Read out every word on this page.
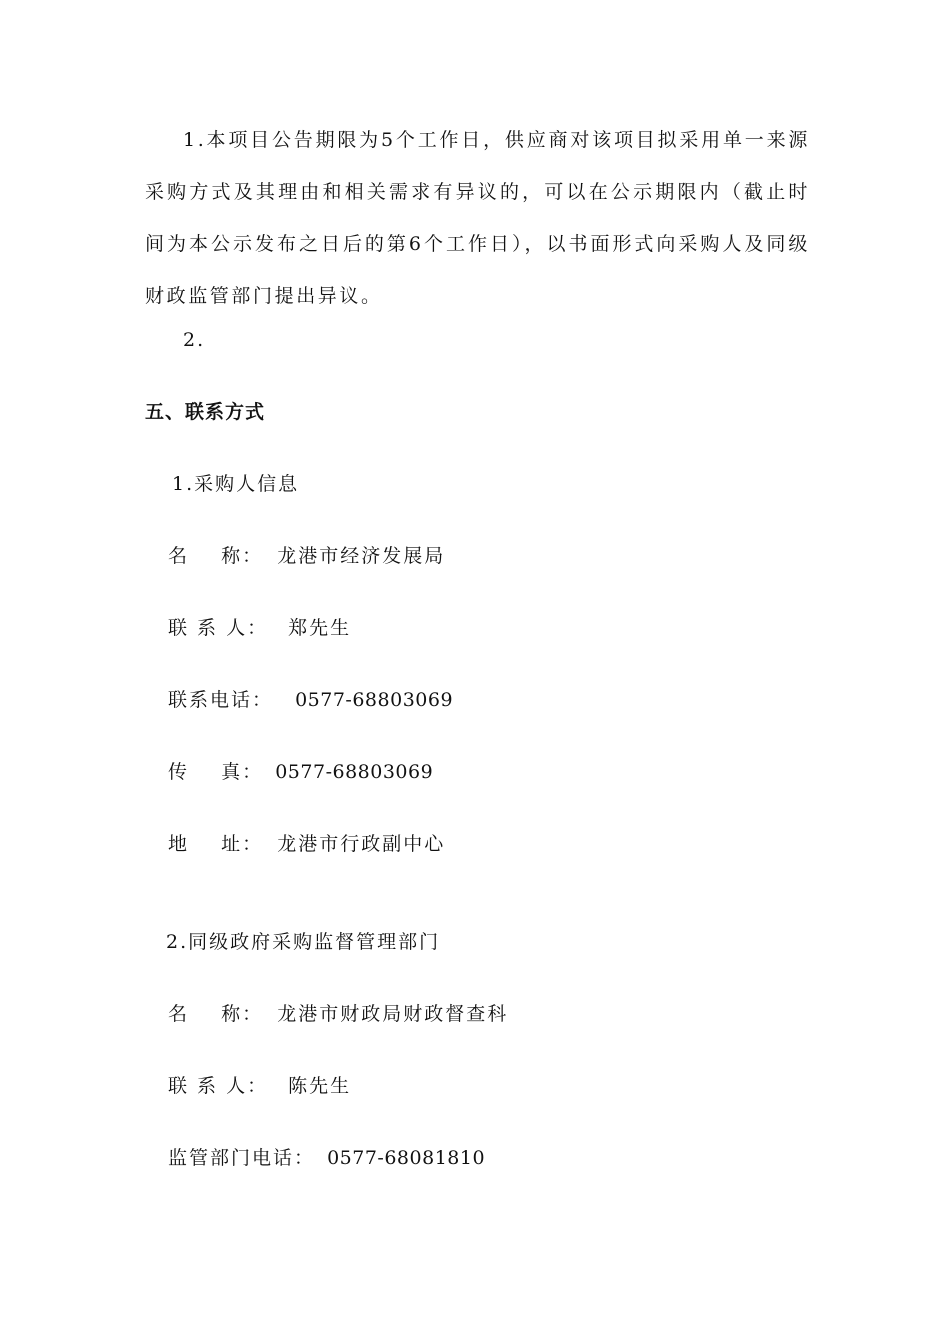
1.本项目公告期限为5个工作日，供应商对该项目拟采用单一来源采购方式及其理由和相关需求有异议的，可以在公示期限内（截止时间为本公示发布之日后的第6个工作日），以书面形式向采购人及同级财政监管部门提出异议。
2.
五、联系方式
1.采购人信息
名    称： 龙港市经济发展局
联 系 人： 郑先生
联系电话： 0577-68803069
传    真： 0577-68803069
地    址： 龙港市行政副中心
2.同级政府采购监督管理部门
名    称： 龙港市财政局财政督查科
联 系 人： 陈先生
监管部门电话： 0577-68081810
